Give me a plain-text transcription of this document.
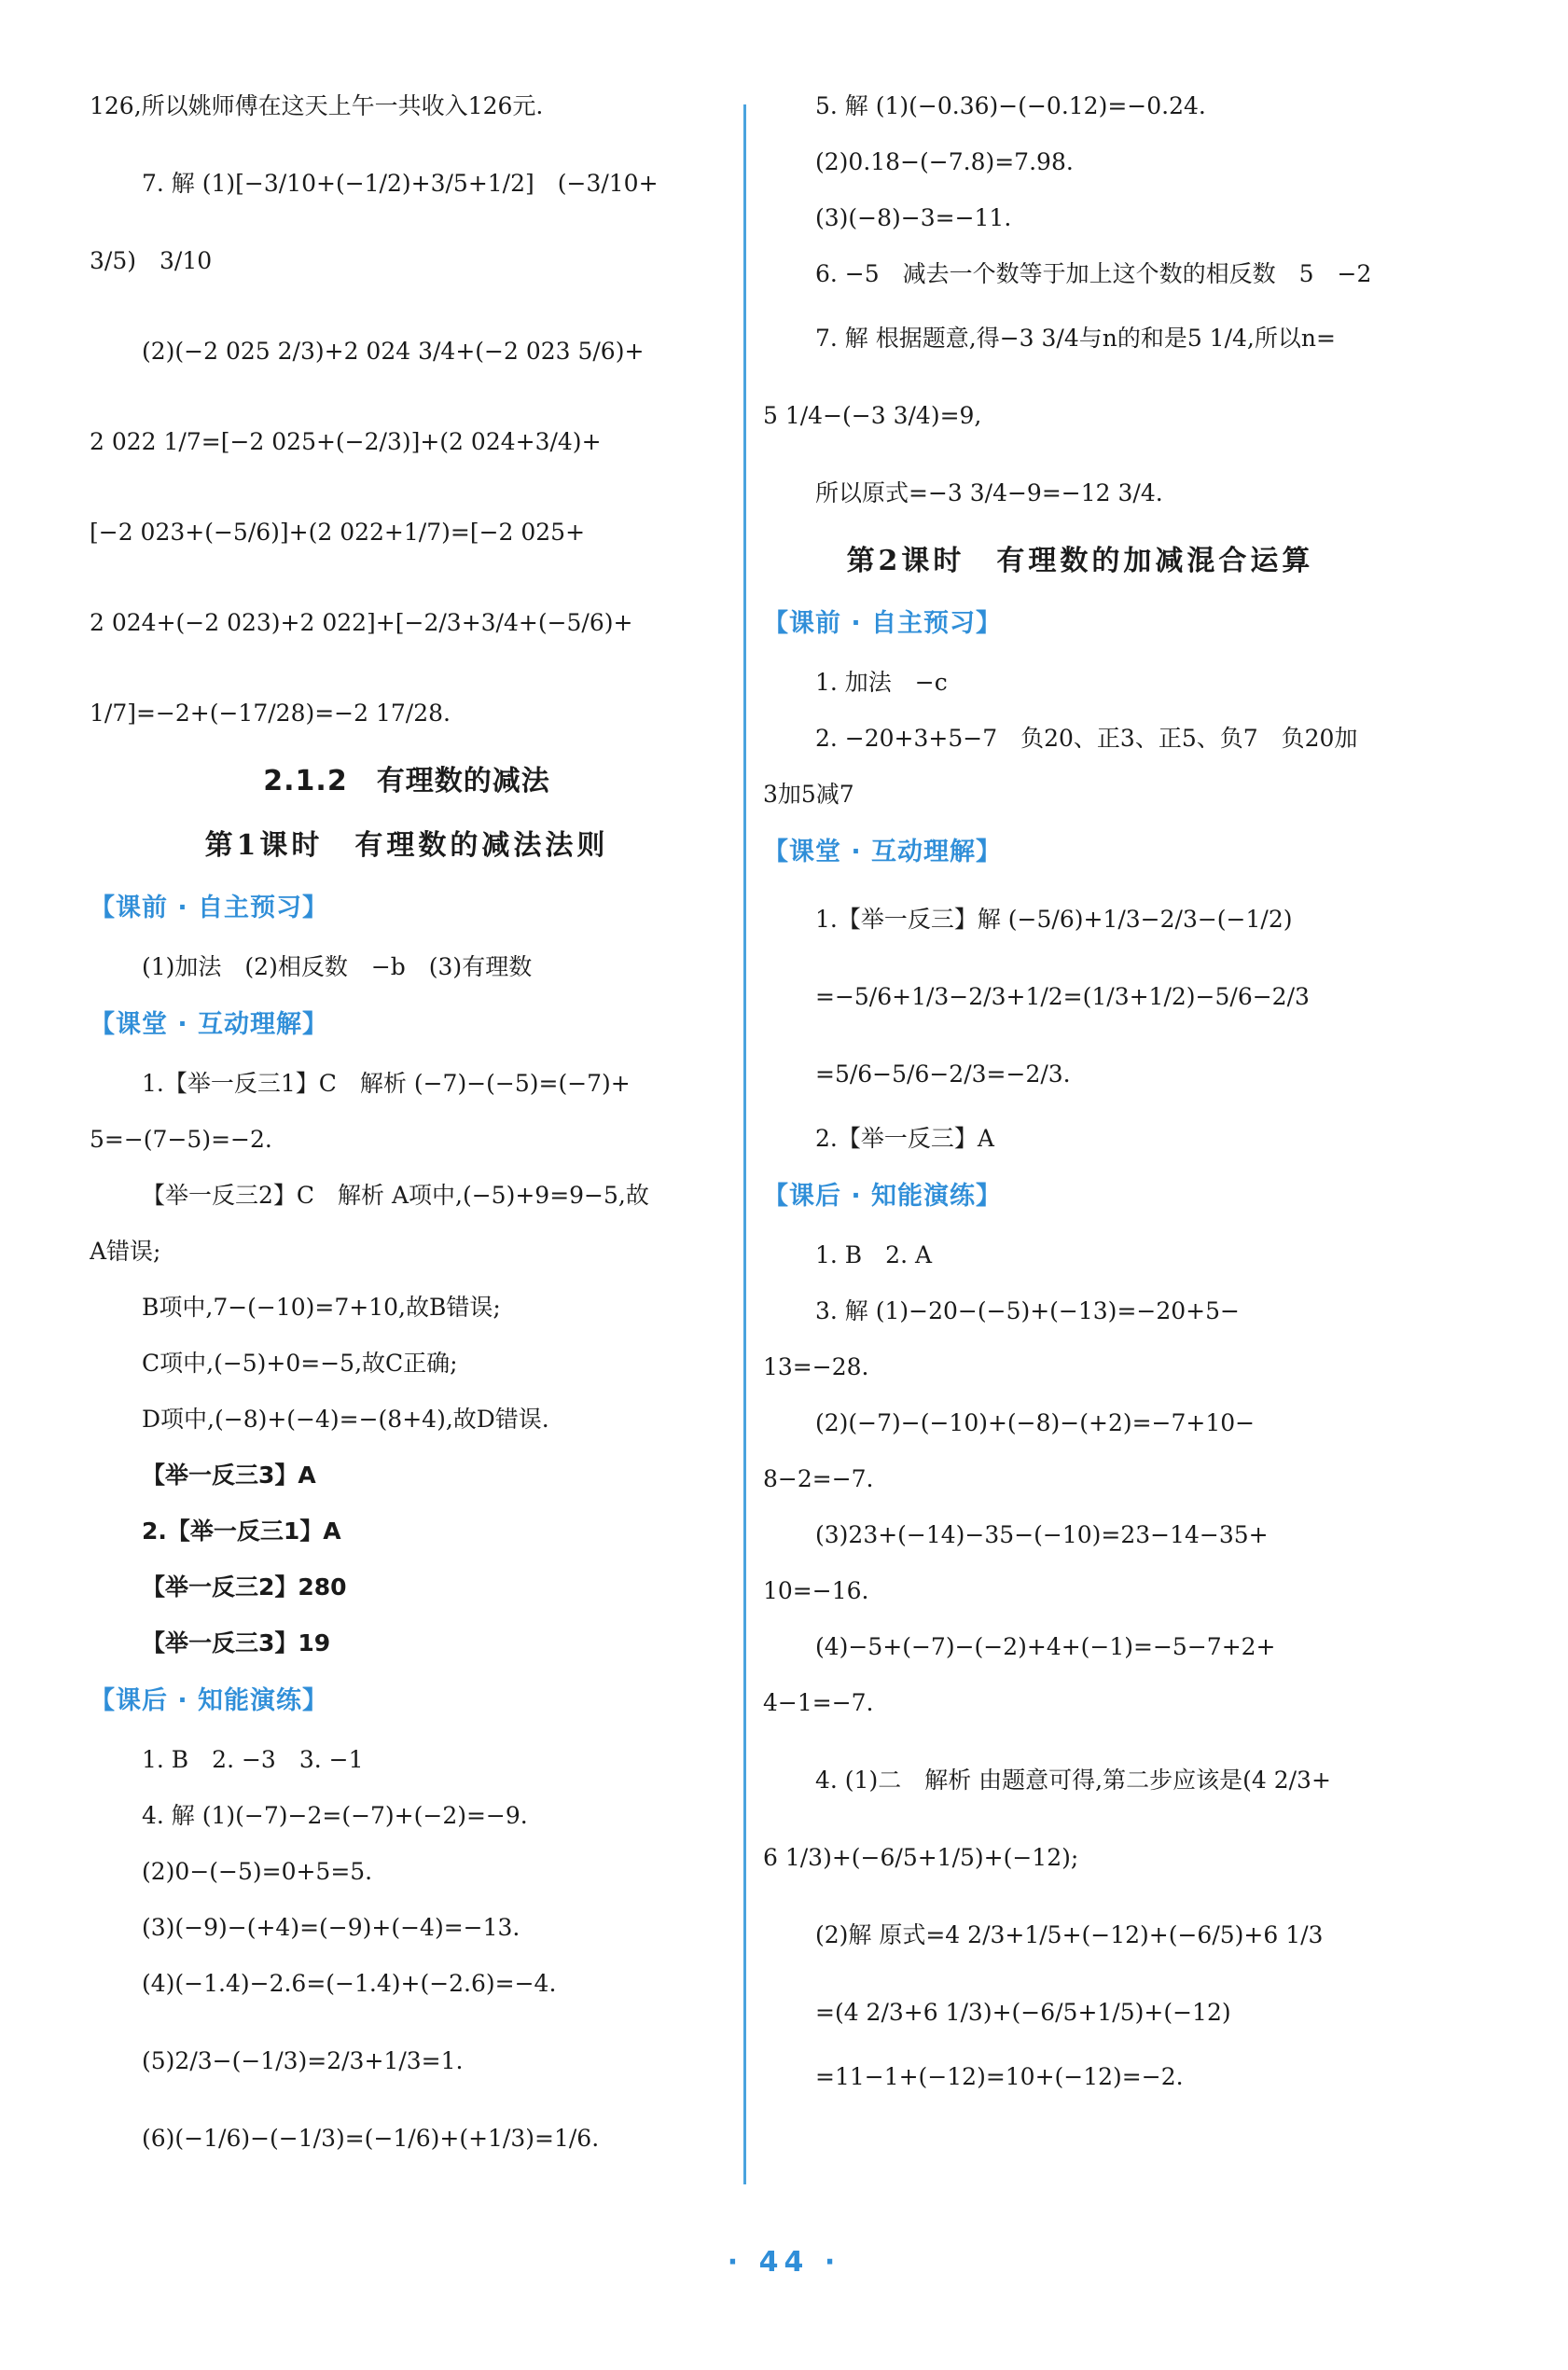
126,所以姚师傅在这天上午一共收入126元.
7. 解 (1)[−3/10+(−1/2)+3/5+1/2]　(−3/10+
3/5)　3/10
(2)(−2 025 2/3)+2 024 3/4+(−2 023 5/6)+
2 022 1/7=[−2 025+(−2/3)]+(2 024+3/4)+
[−2 023+(−5/6)]+(2 022+1/7)=[−2 025+
2 024+(−2 023)+2 022]+[−2/3+3/4+(−5/6)+
1/7]=−2+(−17/28)=−2 17/28.
2.1.2　有理数的减法
第1课时　有理数的减法法则
【课前 · 自主预习】
(1)加法　(2)相反数　−b　(3)有理数
【课堂 · 互动理解】
1.【举一反三1】C　解析 (−7)−(−5)=(−7)+
5=−(7−5)=−2.
【举一反三2】C　解析 A项中,(−5)+9=9−5,故
A错误;
B项中,7−(−10)=7+10,故B错误;
C项中,(−5)+0=−5,故C正确;
D项中,(−8)+(−4)=−(8+4),故D错误.
【举一反三3】A
2.【举一反三1】A
【举一反三2】280
【举一反三3】19
【课后 · 知能演练】
1. B　2. −3　3. −1
4. 解 (1)(−7)−2=(−7)+(−2)=−9.
(2)0−(−5)=0+5=5.
(3)(−9)−(+4)=(−9)+(−4)=−13.
(4)(−1.4)−2.6=(−1.4)+(−2.6)=−4.
(5)2/3−(−1/3)=2/3+1/3=1.
(6)(−1/6)−(−1/3)=(−1/6)+(+1/3)=1/6.
5. 解 (1)(−0.36)−(−0.12)=−0.24.
(2)0.18−(−7.8)=7.98.
(3)(−8)−3=−11.
6. −5　减去一个数等于加上这个数的相反数　5　−2
7. 解 根据题意,得−3 3/4与n的和是5 1/4,所以n=
5 1/4−(−3 3/4)=9,
所以原式=−3 3/4−9=−12 3/4.
第2课时　有理数的加减混合运算
【课前 · 自主预习】
1. 加法　−c
2. −20+3+5−7　负20、正3、正5、负7　负20加
3加5减7
【课堂 · 互动理解】
1.【举一反三】解 (−5/6)+1/3−2/3−(−1/2)
=−5/6+1/3−2/3+1/2=(1/3+1/2)−5/6−2/3
=5/6−5/6−2/3=−2/3.
2.【举一反三】A
【课后 · 知能演练】
1. B　2. A
3. 解 (1)−20−(−5)+(−13)=−20+5−
13=−28.
(2)(−7)−(−10)+(−8)−(+2)=−7+10−
8−2=−7.
(3)23+(−14)−35−(−10)=23−14−35+
10=−16.
(4)−5+(−7)−(−2)+4+(−1)=−5−7+2+
4−1=−7.
4. (1)二　解析 由题意可得,第二步应该是(4 2/3+
6 1/3)+(−6/5+1/5)+(−12);
(2)解 原式=4 2/3+1/5+(−12)+(−6/5)+6 1/3
=(4 2/3+6 1/3)+(−6/5+1/5)+(−12)
=11−1+(−12)=10+(−12)=−2.
· 44 ·
